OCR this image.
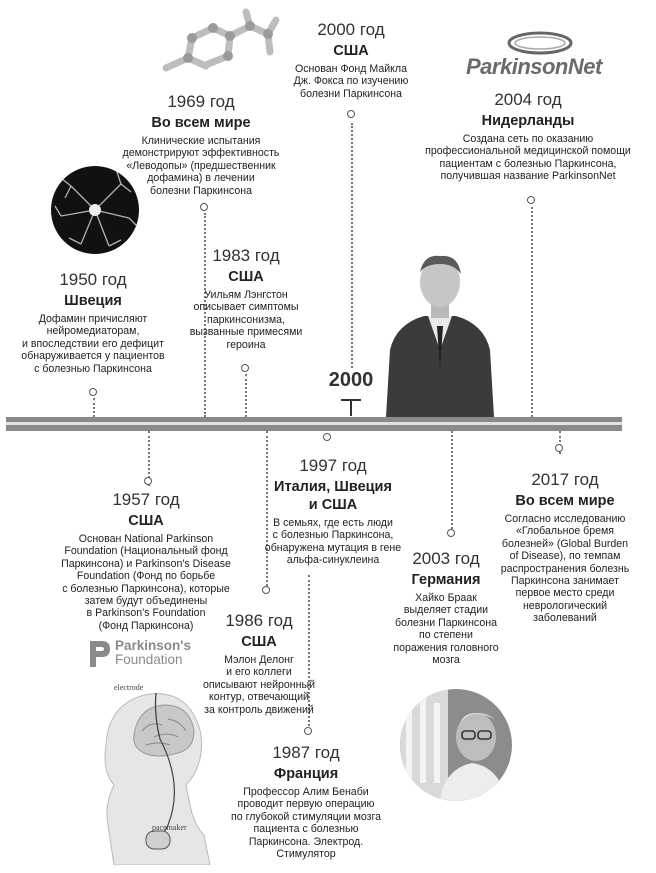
2000
1950 год
Швеция
Дофамин причисляют
нейромедиаторам,
и впоследствии его дефицит
обнаруживается у пациентов
с болезнью Паркинсона
1969 год
Во всем мире
Клинические испытания
демонстрируют эффективность
«Леводопы» (предшественник
дофамина) в лечении
болезни Паркинсона
1983 год
США
Уильям Лэнгстон
описывает симптомы
паркинсонизма,
вызванные примесями
героина
2000 год
США
Основан Фонд Майкла
Дж. Фокса по изучению
болезни Паркинсона	2004 год
Нидерланды
Создана сеть по оказанию
профессиональной медицинской помощи
пациентам с болезнью Паркинсона,
получившая название ParkinsonNet
1957 год
США
Основан National Parkinson
Foundation (Национальный фонд
Паркинсона) и Parkinson's Disease
Foundation (Фонд по борьбе
с болезнью Паркинсона), которые
затем будут объединены
в Parkinson's Foundation
(Фонд Паркинсона)
1997 год
Италия, Швеция
и США
В семьях, где есть люди
с болезнью Паркинсона,
обнаружена мутация в гене
альфа-синуклеина
1986 год
США
Мэлон Делонг
и его коллеги
описывают нейронный
контур, отвечающий
за контроль движений
1987 год
Франция
Профессор Алим Бенаби
проводит первую операцию
по глубокой стимуляции мозга
пациента с болезнью
Паркинсона. Электрод.
Стимулятор
2003 год
Германия
Хайко Браак
выделяет стадии
болезни Паркинсона
по степени
поражения головного
мозга
2017 год
Во всем мире
Согласно исследованию
«Глобальное бремя
болезней» (Global Burden
of Disease), по темпам
распространения болезнь
Паркинсона занимает
первое место среди
неврологический
заболеваний
ParkinsonNet
Parkinson's
Foundation
electrode
pacemaker
